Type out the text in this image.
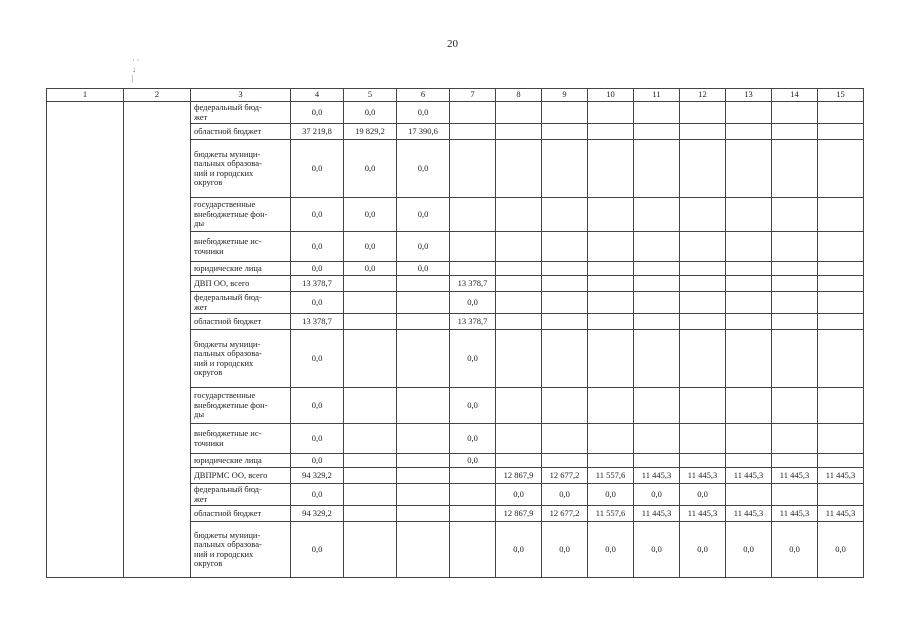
20
· ·
↓
|
1	2	3	4	5	6	7	8	9	10	11	12	13	14	15
		федеральный бюд-
жет	0,0	0,0	0,0									
		областной бюджет	37 219,8	19 829,2	17 390,6									
		бюджеты муници-
пальных образова-
ний и городских
округов	0,0	0,0	0,0									
		государственные
внебюджетные фон-
ды	0,0	0,0	0,0									
		внебюджетные ис-
точники	0,0	0,0	0,0									
		юридические лица	0,0	0,0	0,0									
		ДВП ОО, всего	13 378,7			13 378,7								
		федеральный бюд-
жет	0,0			0,0								
		областной бюджет	13 378,7			13 378,7								
		бюджеты муници-
пальных образова-
ний и городских
округов	0,0			0,0								
		государственные
внебюджетные фон-
ды	0,0			0,0								
		внебюджетные ис-
точники	0,0			0,0								
		юридические лица	0,0			0,0								
		ДВПРМС ОО, всего	94 329,2				12 867,9	12 677,2	11 557,6	11 445,3	11 445,3	11 445,3	11 445,3	11 445,3
		федеральный бюд-
жет	0,0				0,0	0,0	0,0	0,0	0,0			
		областной бюджет	94 329,2				12 867,9	12 677,2	11 557,6	11 445,3	11 445,3	11 445,3	11 445,3	11 445,3
		бюджеты муници-
пальных образова-
ний и городских
округов	0,0				0,0	0,0	0,0	0,0	0,0	0,0	0,0	0,0
